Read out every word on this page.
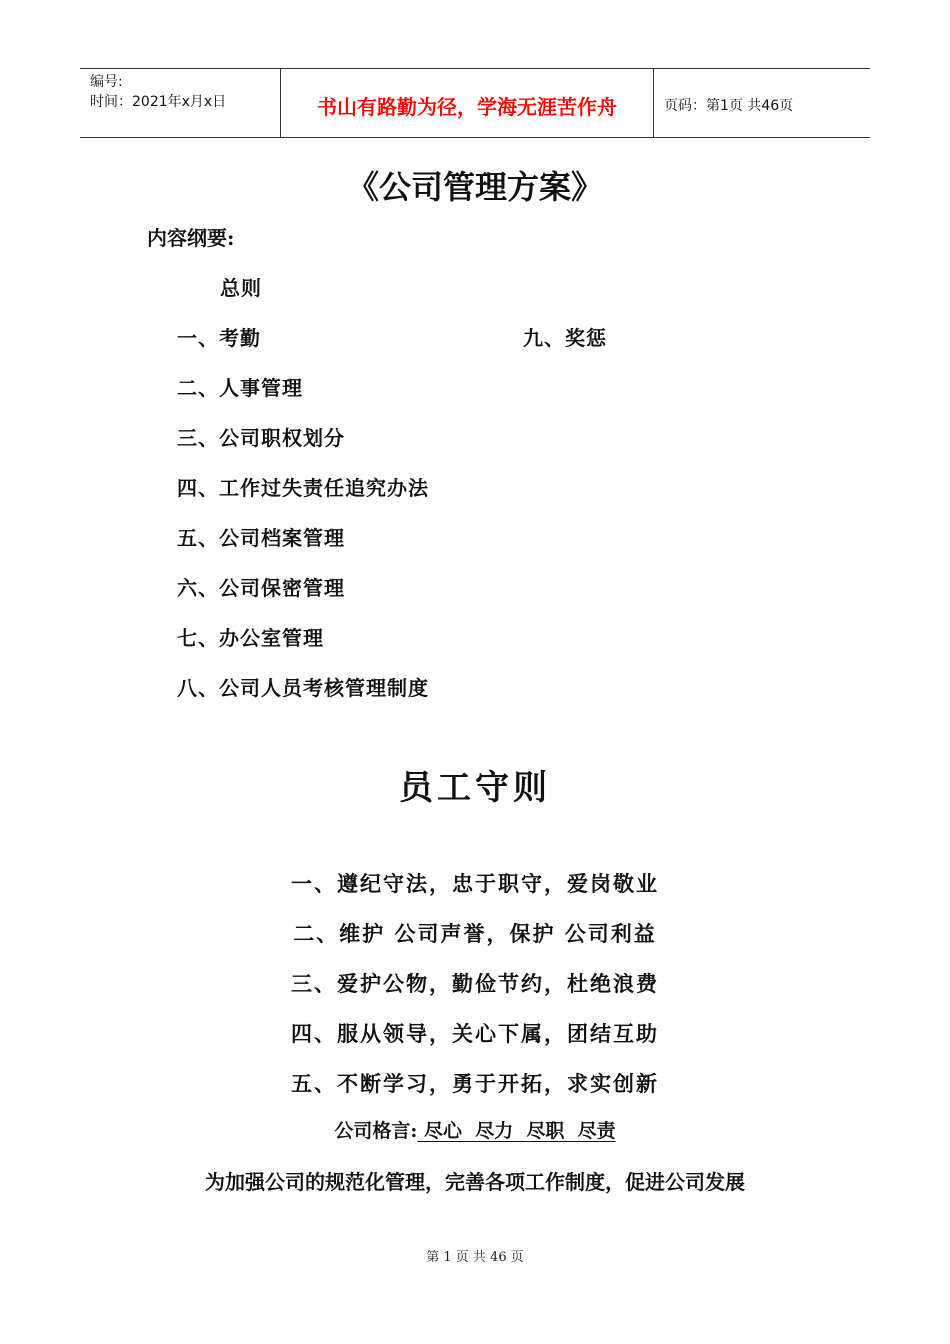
编号:
时间：2021年x月x日	书山有路勤为径，学海无涯苦作舟	页码：第1页 共46页
《公司管理方案》
内容纲要:
总则
一、考勤	九、奖惩
二、人事管理
三、公司职权划分
四、工作过失责任追究办法
五、公司档案管理
六、公司保密管理
七、办公室管理
八、公司人员考核管理制度
员工守则
一、遵纪守法，忠于职守，爱岗敬业
二、维护 公司声誉，保护 公司利益
三、爱护公物，勤俭节约，杜绝浪费
四、服从领导，关心下属，团结互助
五、不断学习，勇于开拓，求实创新
公司格言: 尽心  尽力  尽职  尽责
为加强公司的规范化管理，完善各项工作制度，促进公司发展
第 1 页 共 46 页
